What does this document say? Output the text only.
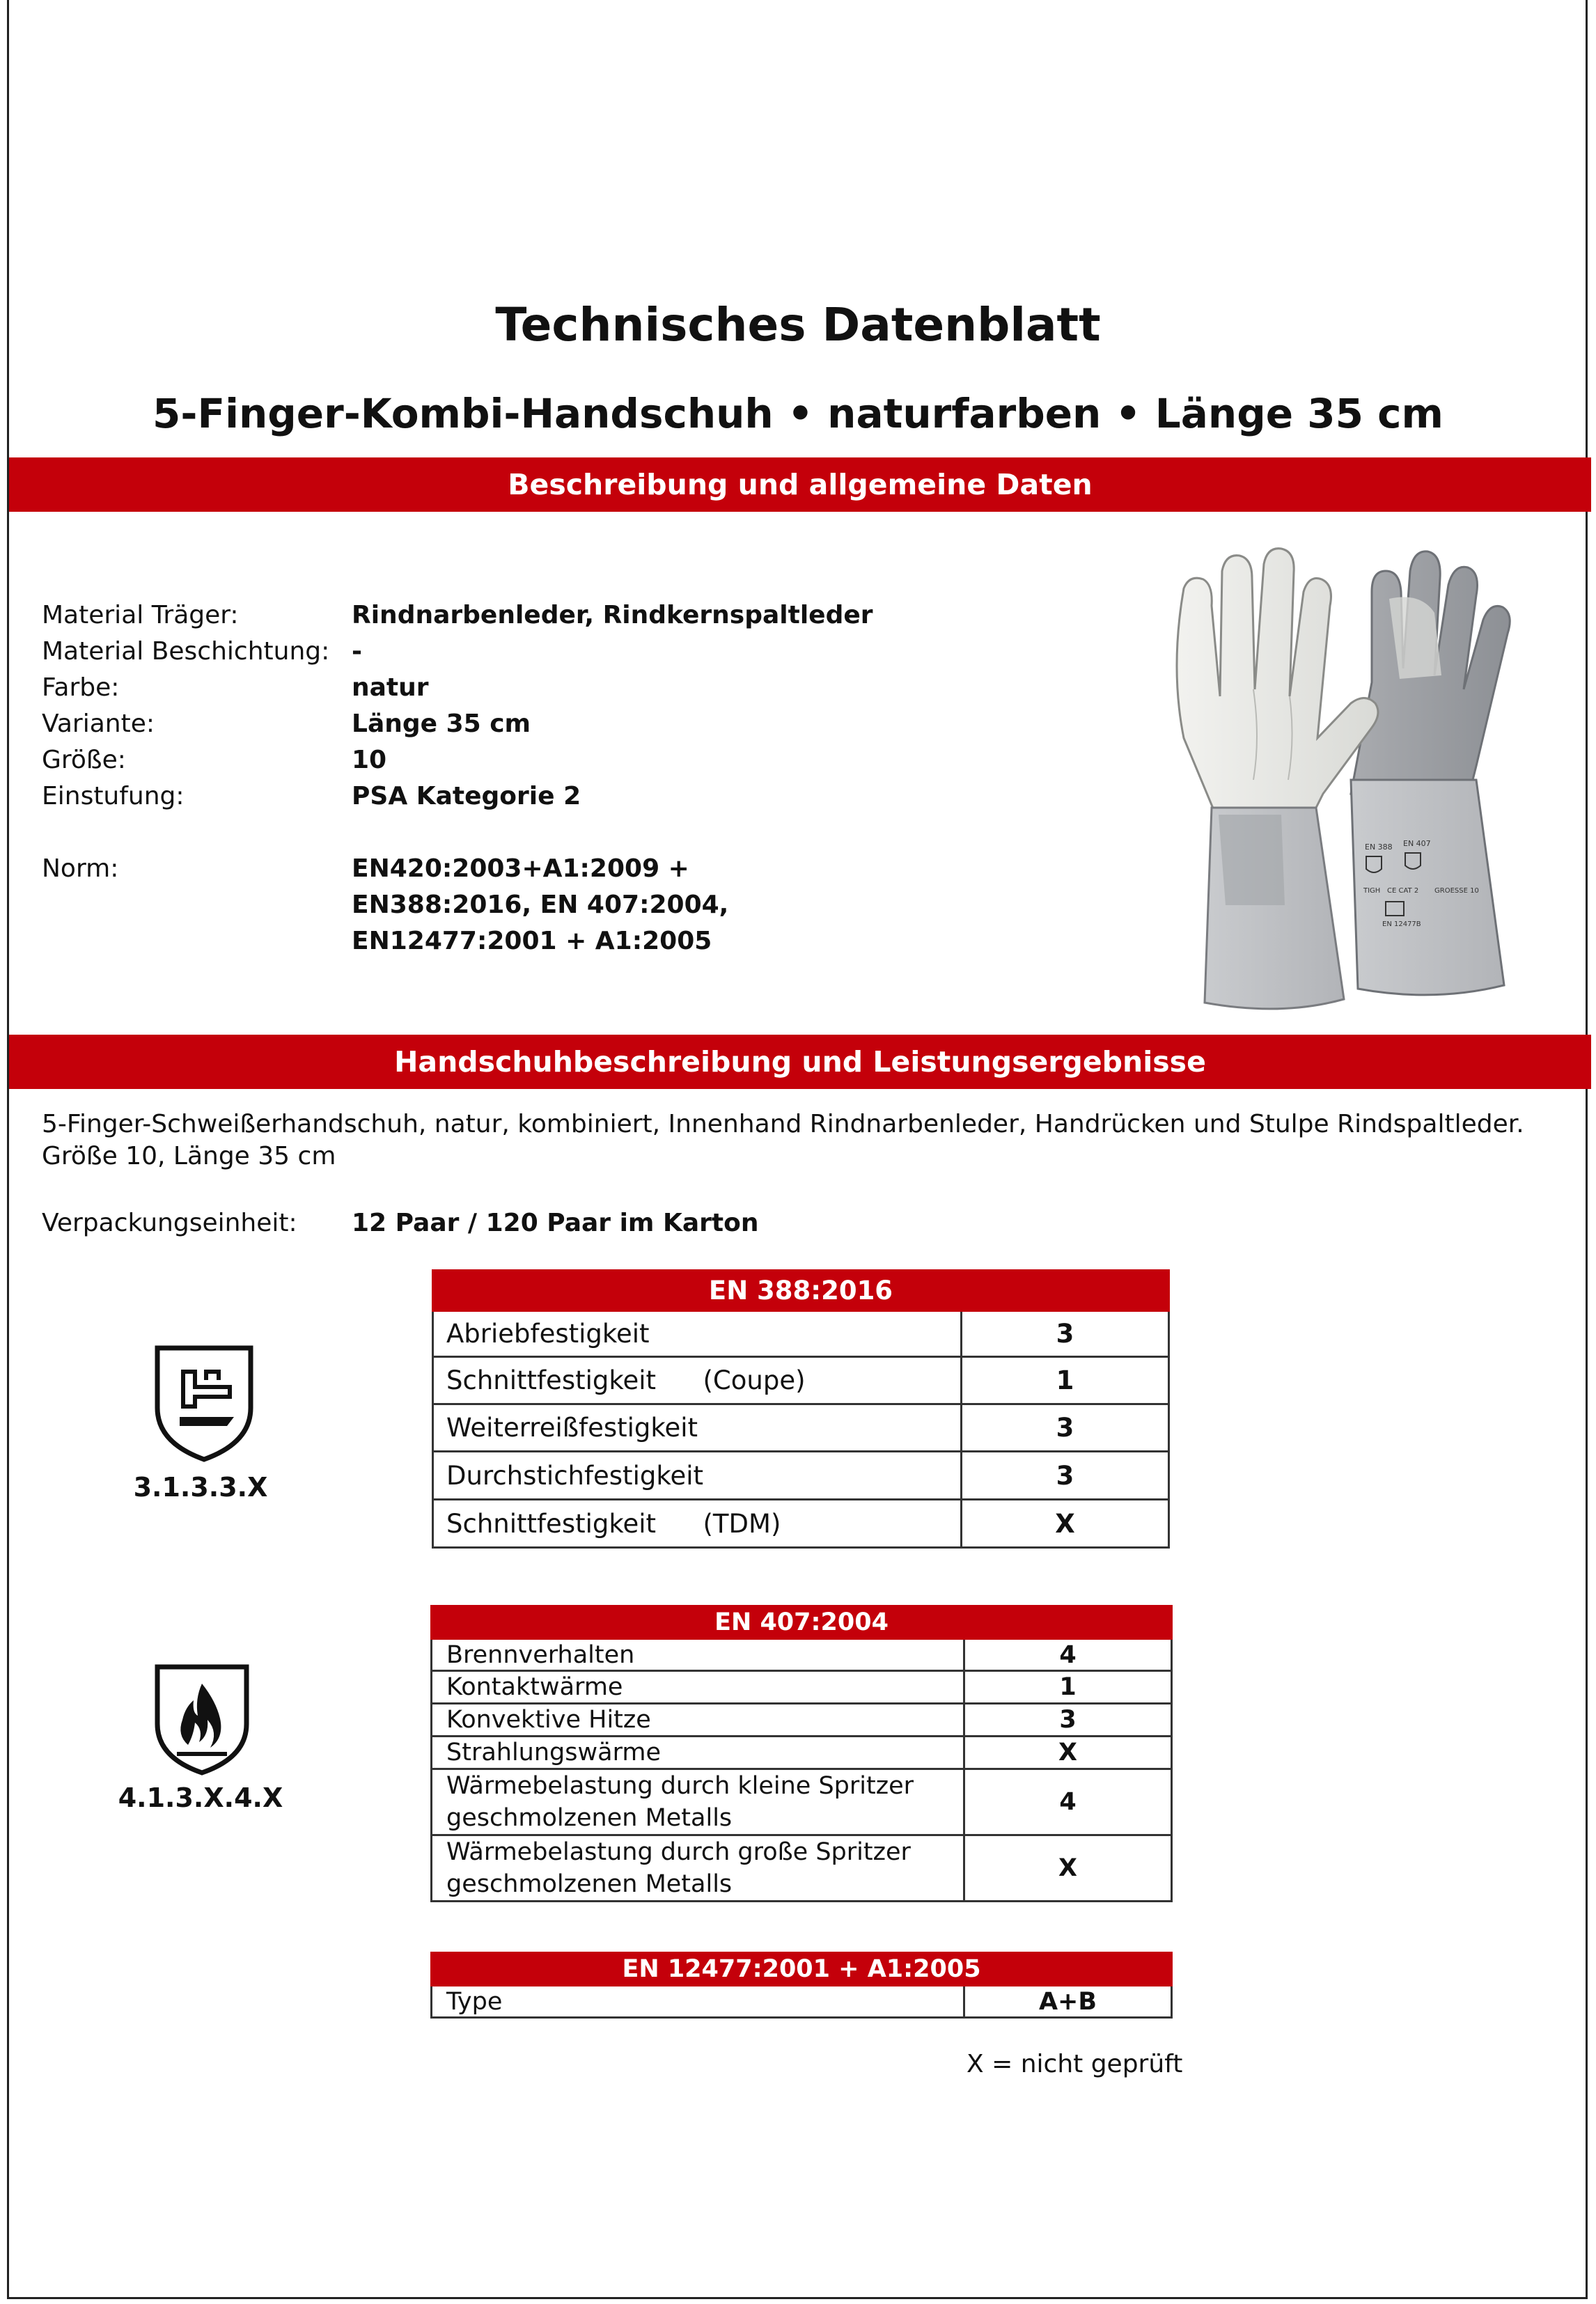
Technisches Datenblatt
5-Finger-Kombi-Handschuh • naturfarben • Länge 35 cm
Beschreibung und allgemeine Daten
Material Träger:	Rindnarbenleder, Rindkernspaltleder
Material Beschichtung: -
Farbe:	natur
Variante:	Länge 35 cm
Größe:	10
Einstufung:	PSA Kategorie 2
Norm:	EN420:2003+A1:2009 +
EN388:2016, EN 407:2004,
EN12477:2001 + A1:2005
EN 388 EN 407
TIGH CE CAT 2 GROESSE 10
EN 12477B
Handschuhbeschreibung und Leistungsergebnisse
5-Finger-Schweißerhandschuh, natur, kombiniert, Innenhand Rindnarbenleder, Handrücken und Stulpe Rindspaltleder.
Größe 10, Länge 35 cm
Verpackungseinheit: 12 Paar / 120 Paar im Karton
3.1.3.3.X
EN 388:2016	
Abriebfestigkeit	3
Schnittfestigkeit (Coupe)	1
Weiterreißfestigkeit	3
Durchstichfestigkeit	3
Schnittfestigkeit (TDM)	X
4.1.3.X.4.X
EN 407:2004	
Brennverhalten	4
Kontaktwärme	1
Konvektive Hitze	3
Strahlungswärme	X

Wärmebelastung durch kleine Spritzer
geschmolzenen Metalls	4

Wärmebelastung durch große Spritzer
geschmolzenen Metalls	X
EN 12477:2001 + A1:2005
Type	A+B
X = nicht geprüft
